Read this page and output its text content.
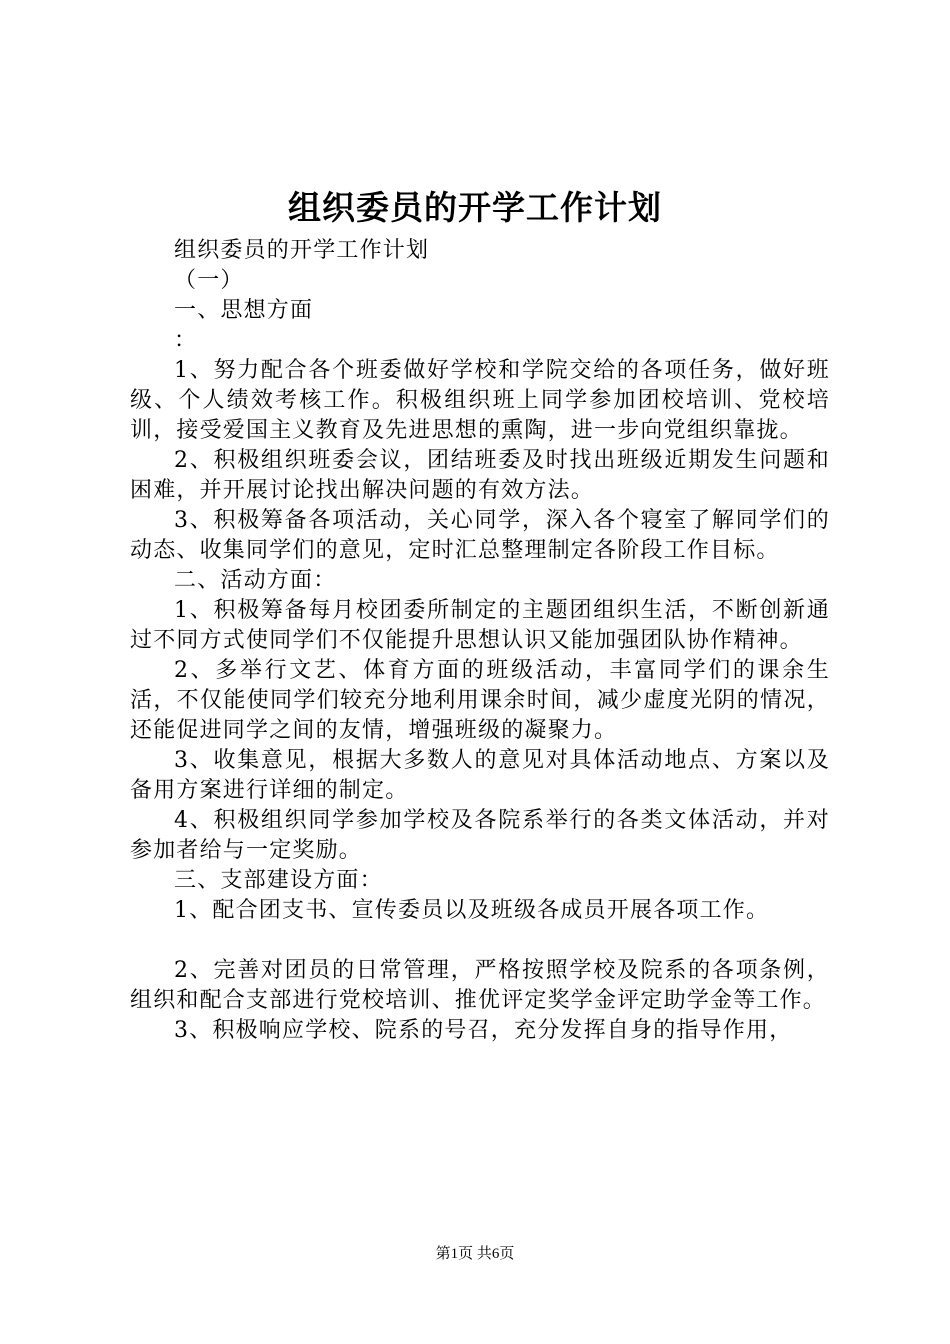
组织委员的开学工作计划

组织委员的开学工作计划

（一）

一、思想方面

：

1、努力配合各个班委做好学校和学院交给的各项任务，做好班级、个人绩效考核工作。积极组织班上同学参加团校培训、党校培训，接受爱国主义教育及先进思想的熏陶，进一步向党组织靠拢。

2、积极组织班委会议，团结班委及时找出班级近期发生问题和困难，并开展讨论找出解决问题的有效方法。

3、积极筹备各项活动，关心同学，深入各个寝室了解同学们的动态、收集同学们的意见，定时汇总整理制定各阶段工作目标。

二、活动方面：

1、积极筹备每月校团委所制定的主题团组织生活，不断创新通过不同方式使同学们不仅能提升思想认识又能加强团队协作精神。

2、多举行文艺、体育方面的班级活动，丰富同学们的课余生活，不仅能使同学们较充分地利用课余时间，减少虚度光阴的情况，还能促进同学之间的友情，增强班级的凝聚力。

3、收集意见，根据大多数人的意见对具体活动地点、方案以及备用方案进行详细的制定。

4、积极组织同学参加学校及各院系举行的各类文体活动，并对参加者给与一定奖励。

三、支部建设方面：

1、配合团支书、宣传委员以及班级各成员开展各项工作。

2、完善对团员的日常管理，严格按照学校及院系的各项条例，组织和配合支部进行党校培训、推优评定奖学金评定助学金等工作。

3、积极响应学校、院系的号召，充分发挥自身的指导作用，

第1页 共6页
